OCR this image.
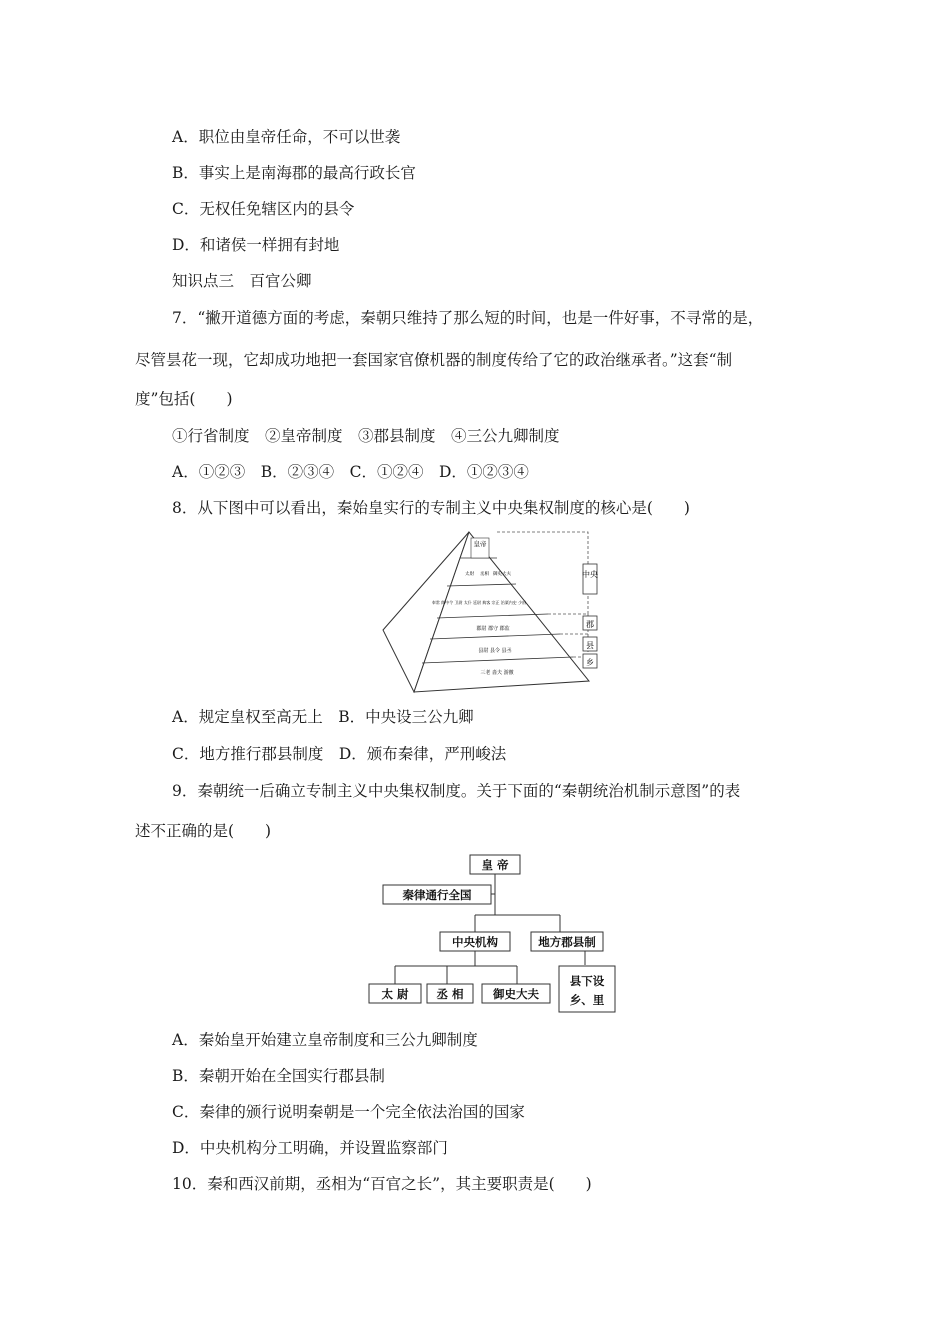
A．职位由皇帝任命，不可以世袭
B．事实上是南海郡的最高行政长官
C．无权任免辖区内的县令
D．和诸侯一样拥有封地
知识点三　百官公卿
7．“撇开道德方面的考虑，秦朝只维持了那么短的时间，也是一件好事，不寻常的是，
尽管昙花一现，它却成功地把一套国家官僚机器的制度传给了它的政治继承者。”这套“制
度”包括(　　)
①行省制度　②皇帝制度　③郡县制度　④三公九卿制度
A．①②③　B．②③④　C．①②④　D．①②③④
8．从下图中可以看出，秦始皇实行的专制主义中央集权制度的核心是(　　)
皇帝
太尉 丞相 御史大夫
奉常 郎中令 卫尉 太仆 廷尉 典客 宗正 治粟内史 少府
郡尉 郡守 郡监
县尉 县令 县丞
三老 啬夫 游徼
中央
郡
县
乡
A．规定皇权至高无上　B．中央设三公九卿
C．地方推行郡县制度　D．颁布秦律，严刑峻法
9．秦朝统一后确立专制主义中央集权制度。关于下面的“秦朝统治机制示意图”的表
述不正确的是(　　)
皇 帝
秦律通行全国
中央机构	地方郡县制
太 尉 丞 相	御史大夫
县下设
乡、里
A．秦始皇开始建立皇帝制度和三公九卿制度
B．秦朝开始在全国实行郡县制
C．秦律的颁行说明秦朝是一个完全依法治国的国家
D．中央机构分工明确，并设置监察部门
10．秦和西汉前期，丞相为“百官之长”，其主要职责是(　　)
